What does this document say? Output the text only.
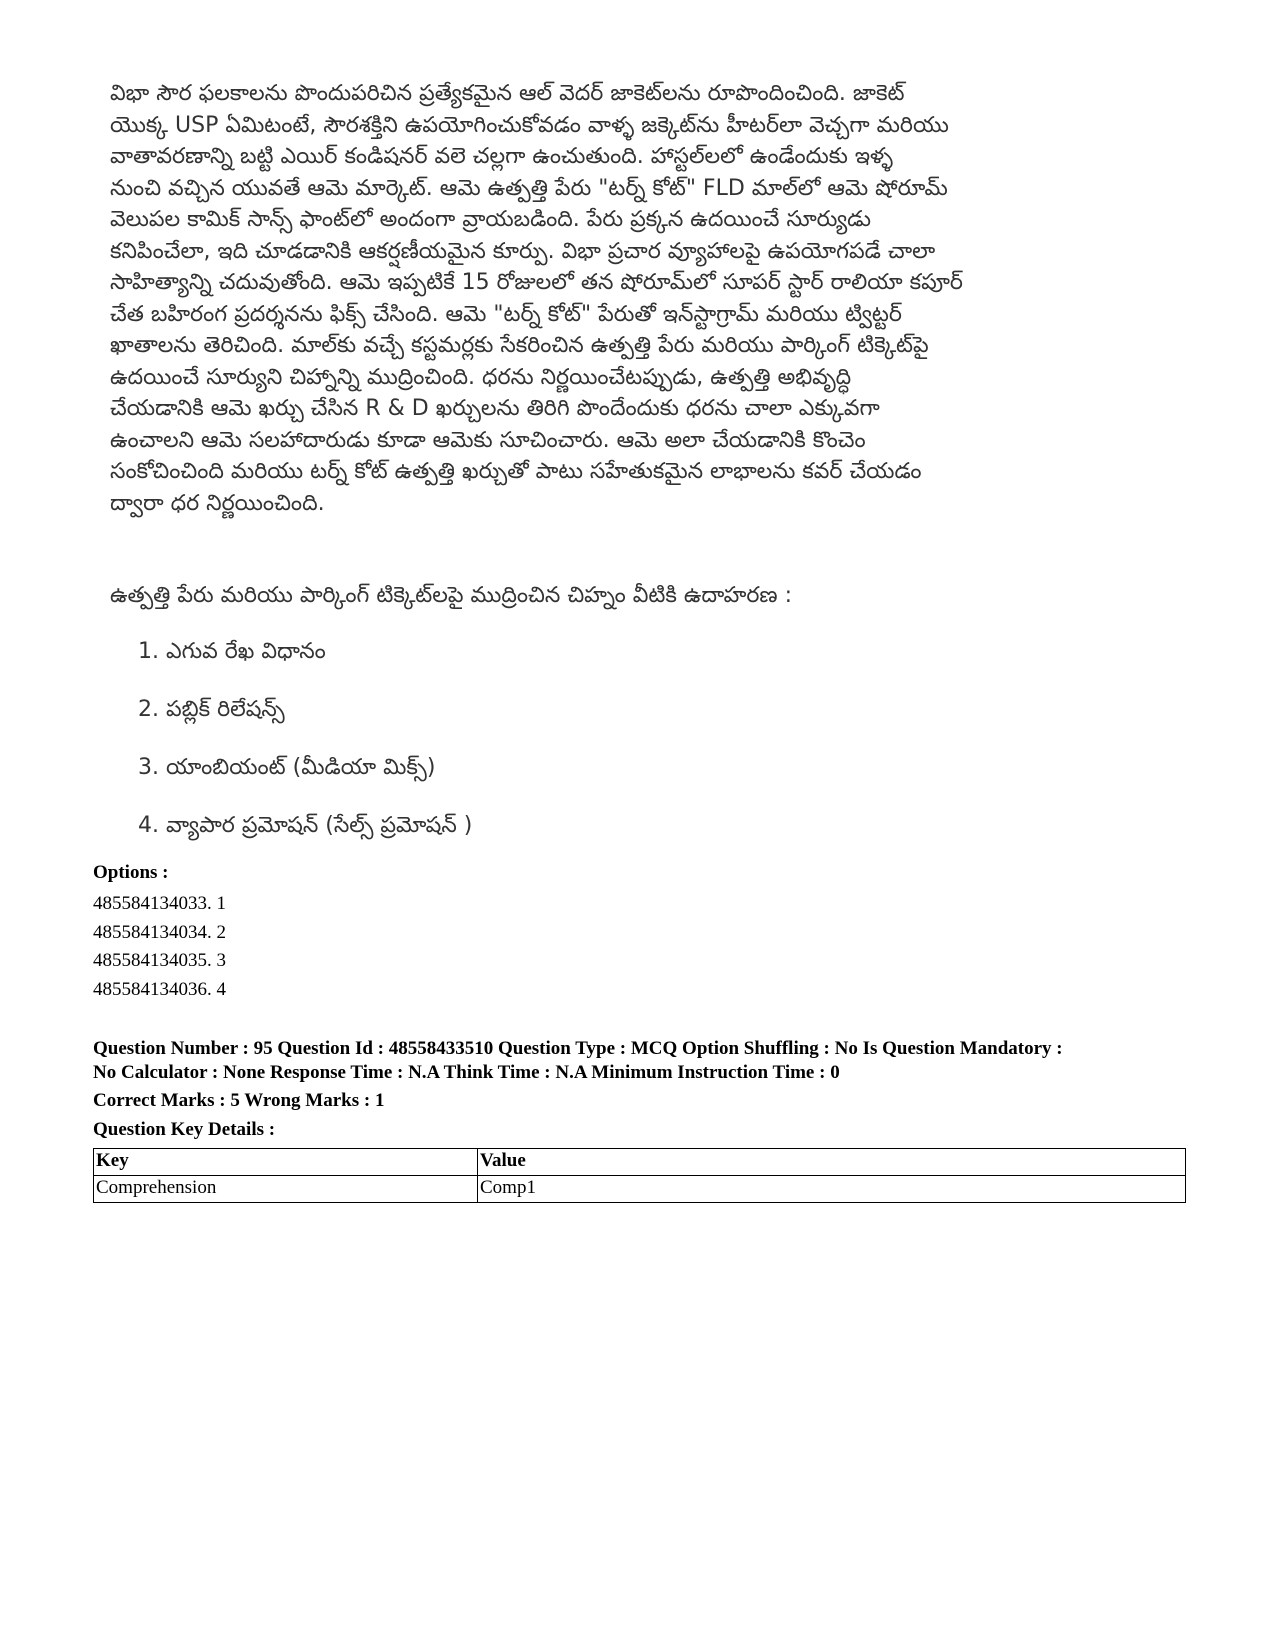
విభా సౌర ఫలకాలను పొందుపరిచిన ప్రత్యేకమైన ఆల్ వెదర్ జాకెట్‌లను రూపొందించింది. జాకెట్

యొక్క USP ఏమిటంటే, సౌరశక్తిని ఉపయోగించుకోవడం వాళ్ళ జక్కెట్‌ను హీటర్‌లా వెచ్చగా మరియు

వాతావరణాన్ని బట్టి ఎయిర్ కండిషనర్ వలె చల్లగా ఉంచుతుంది. హాస్టల్‌లలో ఉండేందుకు ఇళ్ళ

నుంచి వచ్చిన యువతే ఆమె మార్కెట్. ఆమె ఉత్పత్తి పేరు "టర్న్ కోట్" FLD మాల్‌లో ఆమె షోరూమ్

వెలుపల కామిక్ సాన్స్ ఫాంట్‌లో అందంగా వ్రాయబడింది. పేరు ప్రక్కన ఉదయించే సూర్యుడు

కనిపించేలా, ఇది చూడడానికి ఆకర్షణీయమైన కూర్పు. విభా ప్రచార వ్యూహాలపై ఉపయోగపడే చాలా

సాహిత్యాన్ని చదువుతోంది. ఆమె ఇప్పటికే 15 రోజులలో తన షోరూమ్‌లో సూపర్ స్టార్ రాలియా కపూర్

చేత బహిరంగ ప్రదర్శనను ఫిక్స్ చేసింది. ఆమె "టర్న్ కోట్" పేరుతో ఇన్‌స్టాగ్రామ్ మరియు ట్విట్టర్

ఖాతాలను తెరిచింది. మాల్‌కు వచ్చే కస్టమర్లకు సేకరించిన ఉత్పత్తి పేరు మరియు పార్కింగ్ టిక్కెట్‌పై

ఉదయించే సూర్యుని చిహ్నాన్ని ముద్రించింది. ధరను నిర్ణయించేటప్పుడు, ఉత్పత్తి అభివృద్ధి

చేయడానికి ఆమె ఖర్చు చేసిన R & D ఖర్చులను తిరిగి పొందేందుకు ధరను చాలా ఎక్కువగా

ఉంచాలని ఆమె సలహాదారుడు కూడా ఆమెకు సూచించారు. ఆమె అలా చేయడానికి కొంచెం

సంకోచించింది మరియు టర్న్ కోట్ ఉత్పత్తి ఖర్చుతో పాటు సహేతుకమైన లాభాలను కవర్ చేయడం

ద్వారా ధర నిర్ణయించింది.

ఉత్పత్తి పేరు మరియు పార్కింగ్ టిక్కెట్‌లపై ముద్రించిన చిహ్నం వీటికి ఉదాహరణ :
1. ఎగువ రేఖ విధానం
2. పబ్లిక్ రిలేషన్స్
3. యాంబియంట్ (మీడియా మిక్స్)
4. వ్యాపార ప్రమోషన్ (సేల్స్ ప్రమోషన్ )
Options :
485584134033. 1
485584134034. 2
485584134035. 3
485584134036. 4
Question Number : 95 Question Id : 48558433510 Question Type : MCQ Option Shuffling : No Is Question Mandatory :
No Calculator : None Response Time : N.A Think Time : N.A Minimum Instruction Time : 0
Correct Marks : 5 Wrong Marks : 1
Question Key Details :
Key	Value
Comprehension	Comp1
